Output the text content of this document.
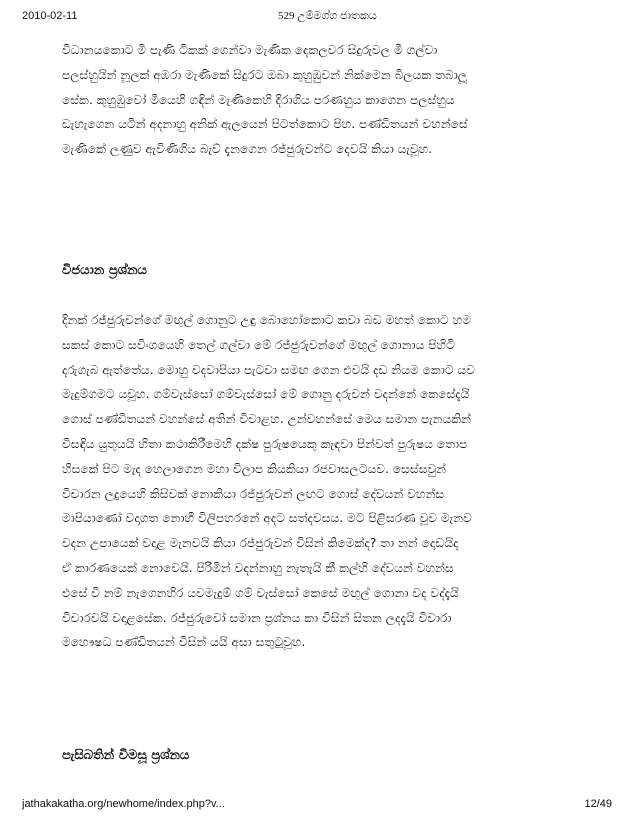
2010-02-11	529 උම්මග්ග ජාතකය

විධානයකොට මී පැණි ටිකක් ගෙන්වා මැණික දෙකලවර සිදුරුවල මී ගල්වා
පලස්හුයින් නූලක් අඹරා මැණිකේ සිදුරට ඔබා කුහුඹුවන් නික්මෙන බිලයක තබාලූ
සේක. කුහුඹුවෝ මීයෙහි ගඳින් මැණිකෙහි දිරාගිය පරණහුය කාගෙන පලස්හුය
ඩැහැගෙන යටින් අදනාහු අනික් ඇලයෙන් පිටත්කොට පිහ. පණ්ඩිතයන් වහන්සේ
මැණිකේ ලණුව ඇවිණිගිය බැව් දැනගෙන රජ්ජුරුවන්ට දෙවයි කියා යැවූහ.

විජයාන ප්‍රශ්නය

දිනක් රජ්ජුරුවන්ගේ මඟුල් ගොනුට උඳු බොහෝකොට කවා බඩ මහත් කොට හම
සකස් කොට සවිංගයෙහි තෙල් ගල්වා මේ රජ්ජුරුවන්ගේ මඟුල් ගොනාය පිහිටි
දරුගැබ ඇත්තේය. මොහු වදවාපියා පැටවා සමඟ ගෙන එවයි දඩ නියම කොට යව
මැදුම්ගමට යවූහ. ගම්වැස්සෝ ගම්වැස්සෝ මේ ගොනු දරුවන් වදන්නේ කෙසේදැයි
ගොස් පණ්ඩිතයන් වහන්සේ අතින් විචාළහ. උන්වහන්සේ මෙය සමාන පැනයකින්
විසඳිය යුතුයයි හිතා කථාකිරීමෙහි දක්ෂ පුරුෂයෙකු කැඳවා පින්වත් පුරුෂය තොප
හිසකේ පිට මැද හෙලාගෙන මහා විලාප කියකියා රජවාසලටයව. සෙස්සවුන්
විචාරන ලදුයෙහි කිසිවක් නොකියා රජ්ජුරුවන් ලඟට ගොස් දේවයන් වහන්ස
මාපියාණෝ වදාගත නොහී විලිපහරනේ අදට සත්දවසය. මට පිළිසරණ වූව මැනව
වදන උපායෙක් වදාළ මැනවයි කියා රජ්ජුරුවන් විසින් කිමෙක්ද? තා නන් දොඩයිද
ඒ කාරණයෙක් නොවෙයි. පිරිමින් වදන්නාහු නැතැයි කී කල්හි දේවයන් වහන්ස
එසේ වී නම් නැගෙනහිර යවමැදුම් ගම් වැස්සෝ කෙසේ මඟුල් ගොනා වද වද්දැයි
විචාරවයි වදාළසේක. රජ්ජුරුවෝ සමාන ප්‍රශ්නය කා විසින් සිතන ලදදැයි විචාරා
මහෞෂධ පණ්ඩිතයන් විසින් යයි අසා සතුටුවූහ.

පැසිබතින් විමසූ ප්‍රශ්නය
jathakakatha.org/newhome/index.php?v...	12/49
